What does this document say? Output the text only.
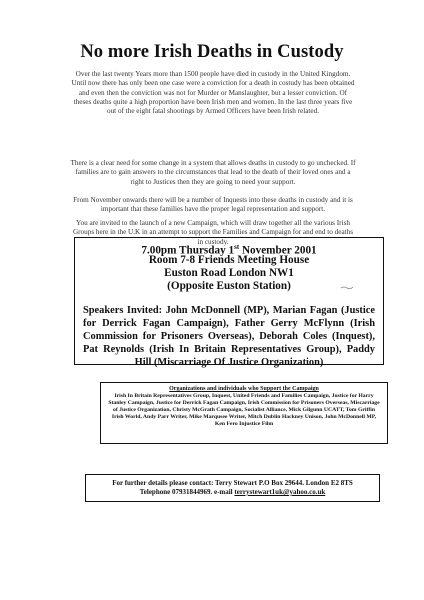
No more Irish Deaths in Custody
Over the last twenty Years more than 1500 people have died in custody in the United Kingdom. Until now there has only been one case were a conviction for a death in costudy has been obtained and even then the conviction was not for Murder or Manslaughter, but a lesser conviction. Of theses deaths quite a high proportion have been Irish men and women. In the last three years five out of the eight fatal shootings by Armed Officers have been Irish related.
There is a clear need for some change in a system that allows deaths in custody to go unchecked. If families are to gain answers to the circumstances that lead to the death of their loved ones and a right to Justices then they are going to need your support.
From November onwards there will be a number of Inquests into these deaths in custody and it is important that these families have the proper legal representation and support.
You are invited to the launch of a new Campaign, which will draw together all the various Irish Groups here in the U.K in an attempt to support the Families and Campaign for and end to deaths in custody.
7.00pm Thursday 1st November 2001
Room 7-8 Friends Meeting House
Euston Road London NW1
(Opposite Euston Station)
Speakers Invited: John McDonnell (MP), Marian Fagan (Justice for Derrick Fagan Campaign), Father Gerry McFlynn (Irish Commission for Prisoners Overseas), Deborah Coles (Inquest), Pat Reynolds (Irish In Britain Representatives Group), Paddy Hill (Miscarriage Of Justice Organization)
Organizations and individuals who Support the Campaign
Irish In Britain Representatives Group, Inquest, United Friends and Families Campaign, Justice for Harry Stanley Campaign, Justice for Derrick Fagan Campaign, Irish Commission for Prisoners Overseas, Miscarriage of Justice Organization, Christy McGrath Campaign, Socialist Alliance, Mick Gilgunn UCATT, Tom Griffin Irish World, Andy Parr Writer, Mike Marqusee Writer, Mitch Dublin Hackney Unison, John McDonnell MP, Ken Fero Injustice Film
For further details please contact: Terry Stewart P.O Box 29644. London E2 8TS
Telephone 07931844969. e-mail terrystewart1uk@yahoo.co.uk
